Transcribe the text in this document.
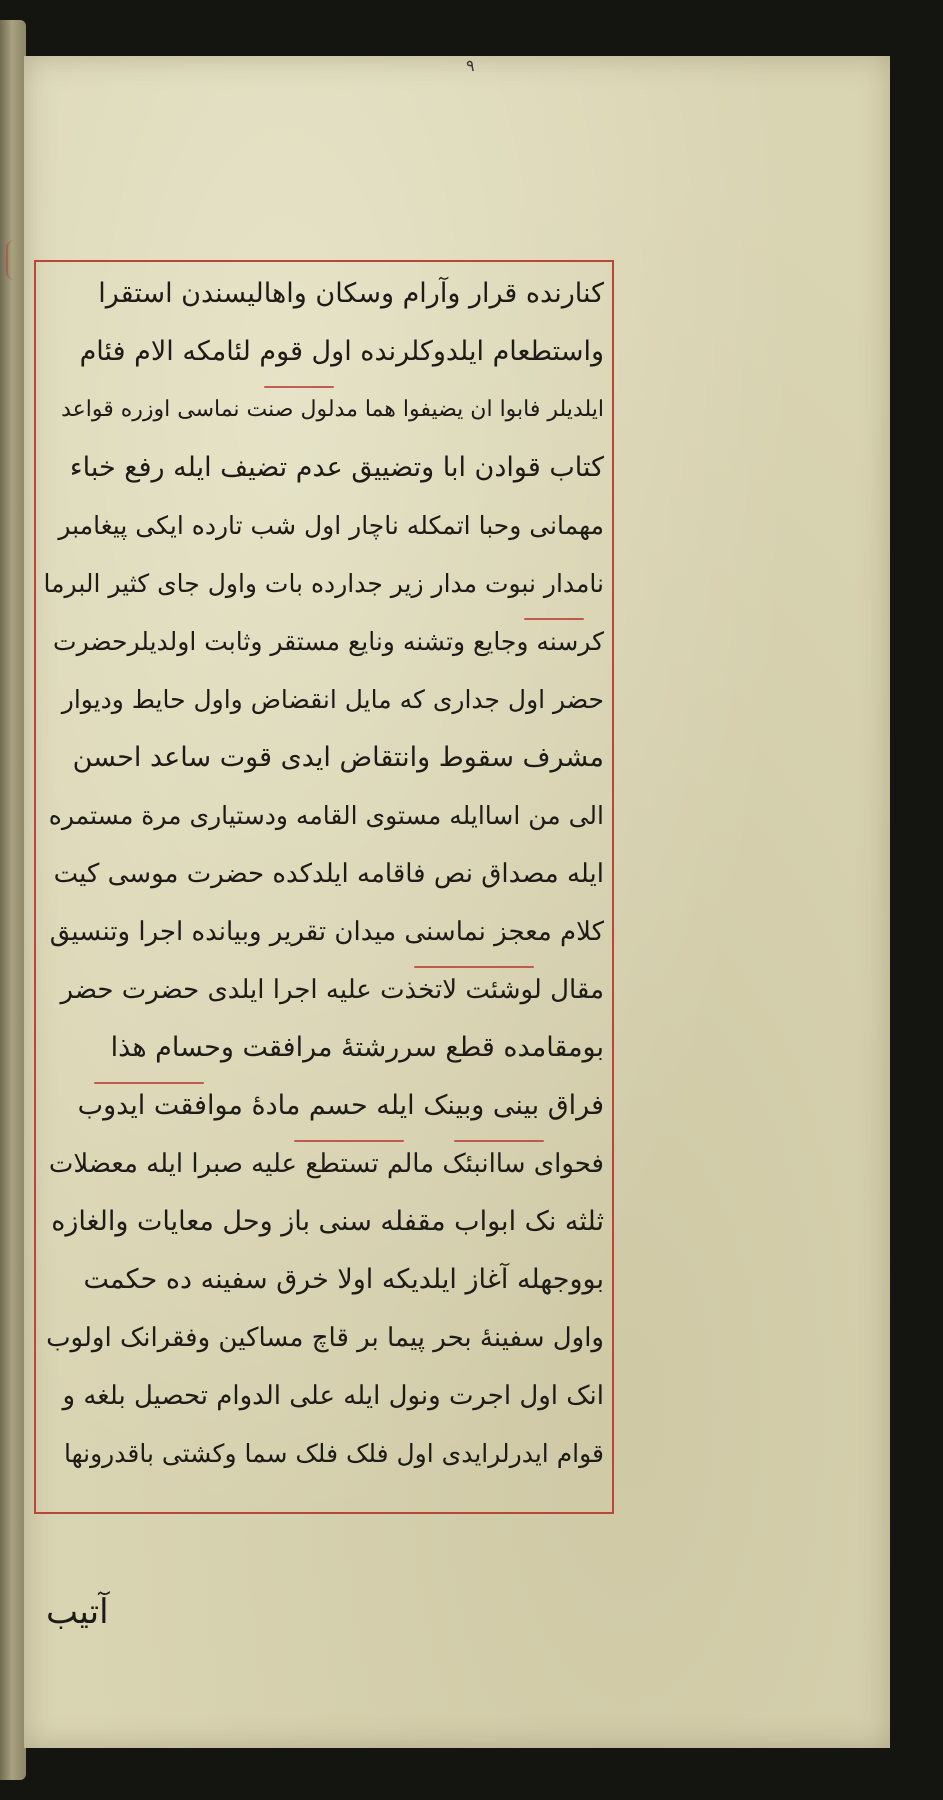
۹
کنارنده قرار وآرام وسکان واهالیسندن استقرا
واستطعام ایلدوکلرنده اول قوم لئامکه الام فئام
ایلدیلر فابوا ان یضیفوا هما مدلول صنت نماسی اوزره قواعد
کتاب قوادن ابا وتضییق عدم تضیف ایله رفع خباء
مهمانی وحبا اتمکله ناچار اول شب تارده ایکی پیغامبر
نامدار نبوت مدار زیر جدارده بات واول جای کثیر البرما
کرسنه وجایع وتشنه ونایع مستقر وثابت اولدیلرحضرت
حضر اول جداری که مایل انقضاض واول حایط ودیوار
مشرف سقوط وانتقاض ایدی قوت ساعد احسن
الی من اساایله مستوی القامه ودستیاری مرة مستمره
ایله مصداق نص فاقامه ایلدکده حضرت موسی کیت
کلام معجز نماسنی میدان تقریر وبیانده اجرا وتنسیق
مقال لوشئت لاتخذت علیه اجرا ایلدی حضرت حضر
بومقامده قطع سررشتهٔ مرافقت وحسام هذا
فراق بینی وبینک ایله حسم مادهٔ موافقت ایدوب
فحوای ساانبئک مالم تستطع علیه صبرا ایله معضلات
ثلثه نک ابواب مقفله سنی باز وحل معایات والغازه
بووجهله آغاز ایلدیکه اولا خرق سفینه ده حکمت
واول سفینهٔ بحر پیما بر قاچ مساکین وفقرانک اولوب
انک اول اجرت ونول ایله علی الدوام تحصیل بلغه و
قوام ایدرلرایدی اول فلک فلک سما وکشتی باقدرونها
آتیب
